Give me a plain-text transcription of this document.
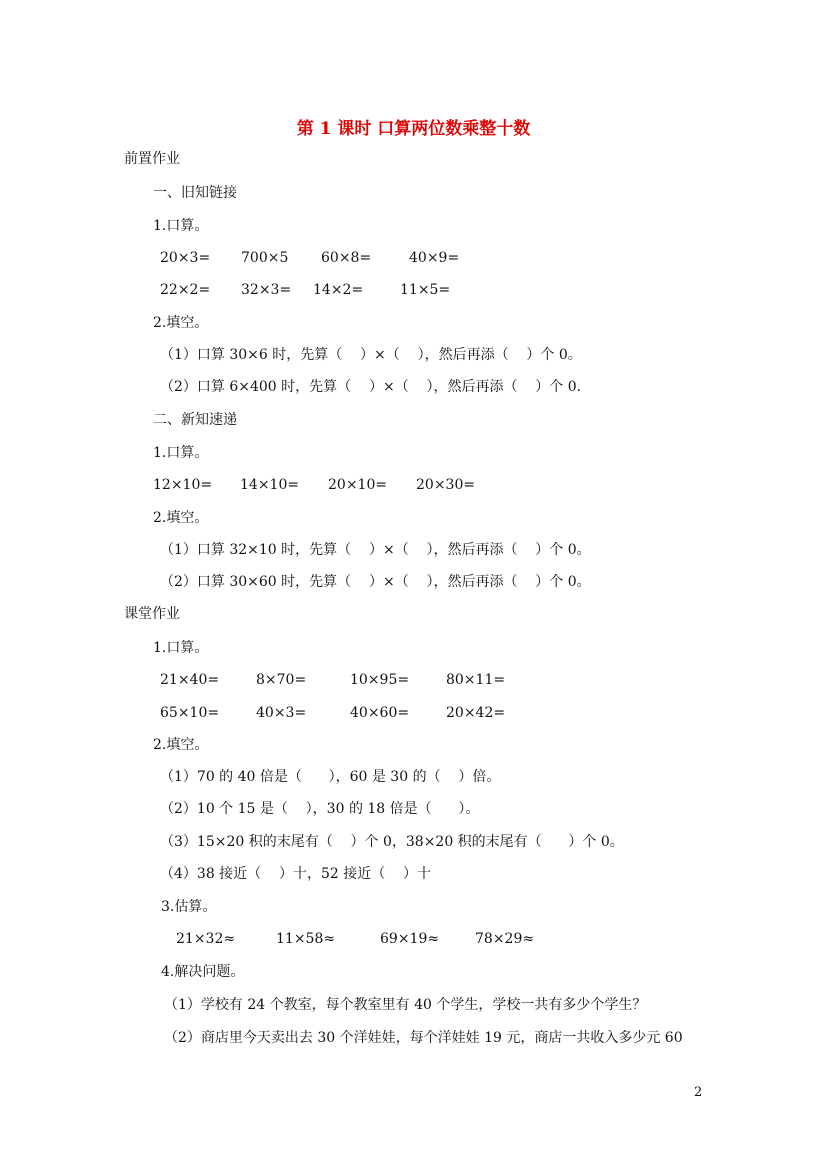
第 1 课时 口算两位数乘整十数
前置作业
一、旧知链接
1.口算。
20×3= 700×5 60×8=	40×9=
22×2= 32×3= 14×2=	11×5=
2.填空。
（1）口算 30×6 时，先算（    ）×（    ），然后再添（    ）个 0。
（2）口算 6×400 时，先算（    ）×（    ），然后再添（    ）个 0.
二、新知速递
1.口算。
12×10= 14×10= 20×10= 20×30=
2.填空。
（1）口算 32×10 时，先算（    ）×（    ），然后再添（    ）个 0。
（2）口算 30×60 时，先算（    ）×（    ），然后再添（    ）个 0。
课堂作业
1.口算。
21×40=	8×70=	10×95=	80×11=
65×10=	40×3=	40×60=	20×42=
2.填空。
（1）70 的 40 倍是（      ），60 是 30 的（    ）倍。
（2）10 个 15 是（    ），30 的 18 倍是（      ）。
（3）15×20 积的末尾有（    ）个 0，38×20 积的末尾有（      ）个 0。
（4）38 接近（    ）十，52 接近（    ）十
3.估算。
21×32≈	11×58≈	69×19≈	78×29≈
4.解决问题。
（1）学校有 24 个教室，每个教室里有 40 个学生，学校一共有多少个学生？
（2）商店里今天卖出去 30 个洋娃娃，每个洋娃娃 19 元，商店一共收入多少元 60
2
